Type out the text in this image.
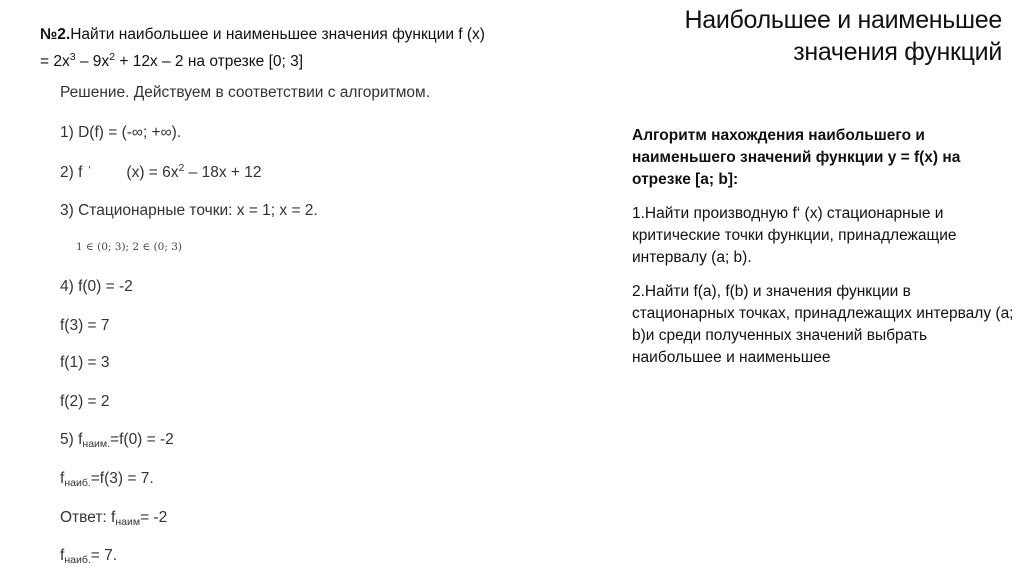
Наибольшее и наименьшее
значения функций
№2.Найти наибольшее и наименьшее значения функции f (x)
= $2x^3 - 9x^2 + 12x - 2$ на отрезке [0; 3]
Решение. Действуем в соответствии с алгоритмом.
1) D(f) = (-∞; +∞).
2) f ʹ $(x) = 6x^2 - 18x + 12$
3) Стационарные точки: x = 1; x = 2.
1 ∈ (0; 3); 2 ∈ (0; 3)
4) f(0) = -2
f(3) = 7
f(1) = 3
f(2) = 2
5) $f_{наим.}=f(0) = -2$
$f_{наиб.}=f(3) = 7$.
Ответ: $f_{наим}= -2$
$f_{наиб.}= 7$.
Алгоритм нахождения наибольшего и наименьшего значений функции y = f(x) на отрезке [a; b]:
1.Найти производную f‘ (x) стационарные и критические точки функции, принадлежащие интервалу (a; b).
2.Найти f(a), f(b) и значения функции в стационарных точках, принадлежащих интервалу (a; b)и среди полученных значений выбрать наибольшее и наименьшее
